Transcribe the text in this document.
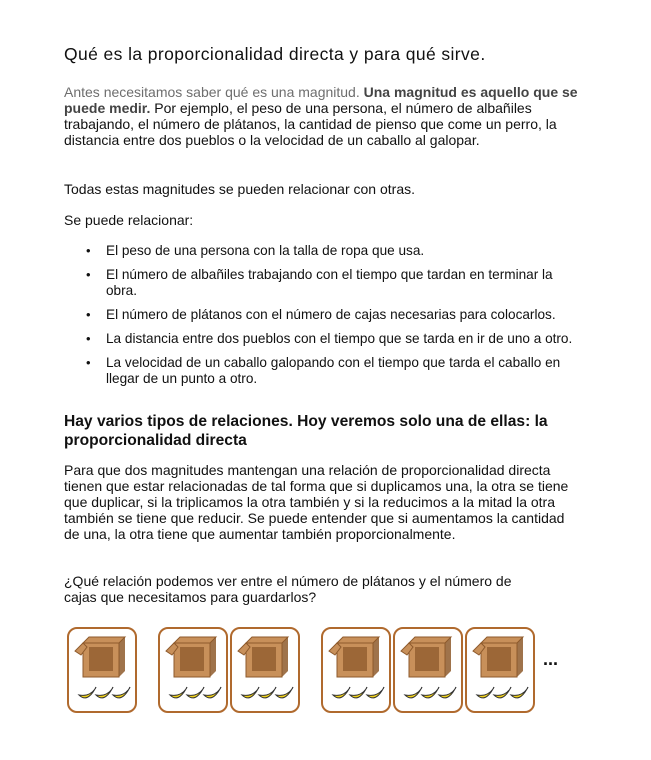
Qué es la proporcionalidad directa y para qué sirve.

Antes necesitamos saber qué es una magnitud. Una magnitud es aquello que se puede medir. Por ejemplo, el peso de una persona, el número de albañiles trabajando, el número de plátanos, la cantidad de pienso que come un perro, la distancia entre dos pueblos o la velocidad de un caballo al galopar.

Todas estas magnitudes se pueden relacionar con otras.

Se puede relacionar:

• El peso de una persona con la talla de ropa que usa.
• El número de albañiles trabajando con el tiempo que tardan en terminar la obra.
• El número de plátanos con el número de cajas necesarias para colocarlos.
• La distancia entre dos pueblos con el tiempo que se tarda en ir de uno a otro.
• La velocidad de un caballo galopando con el tiempo que tarda el caballo en llegar de un punto a otro.
Hay varios tipos de relaciones. Hoy veremos solo una de ellas: la proporcionalidad directa

Para que dos magnitudes mantengan una relación de proporcionalidad directa tienen que estar relacionadas de tal forma que si duplicamos una, la otra se tiene que duplicar, si la triplicamos la otra también y si la reducimos a la mitad la otra también se tiene que reducir. Se puede entender que si aumentamos la cantidad de una, la otra tiene que aumentar también proporcionalmente.

¿Qué relación podemos ver entre el número de plátanos y el número de cajas que necesitamos para guardarlos?

...
